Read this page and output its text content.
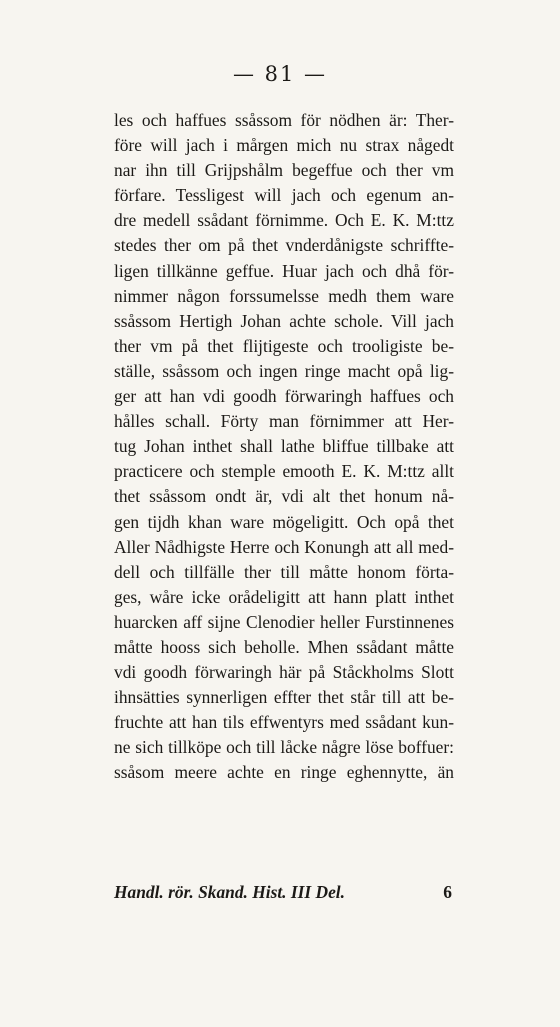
— 81 —
les och haffues ssåssom för nödhen är: Ther-
före will jach i mårgen mich nu strax någedt
nar ihn till Grijpshålm begeffue och ther vm
förfare. Tessligest will jach och egenum an-
dre medell ssådant förnimme. Och E. K. M:ttz
stedes ther om på thet vnderdånigste schriffte-
ligen tillkänne geffue. Huar jach och dhå för-
nimmer någon forssumelsse medh them ware
ssåssom Hertigh Johan achte schole. Vill jach
ther vm på thet flijtigeste och trooligiste be-
ställe, ssåssom och ingen ringe macht opå lig-
ger att han vdi goodh förwaringh haffues och
hålles schall. Förty man förnimmer att Her-
tug Johan inthet shall lathe bliffue tillbake att
practicere och stemple emooth E. K. M:ttz allt
thet ssåssom ondt är, vdi alt thet honum nå-
gen tijdh khan ware mögeligitt. Och opå thet
Aller Nådhigste Herre och Konungh att all med-
dell och tillfälle ther till måtte honom förta-
ges, wåre icke orådeligitt att hann platt inthet
huarcken aff sijne Clenodier heller Furstinnenes
måtte hooss sich beholle. Mhen ssådant måtte
vdi goodh förwaringh här på Ståckholms Slott
ihnsätties synnerligen effter thet står till att be-
fruchte att han tils effwentyrs med ssådant kun-
ne sich tillköpe och till låcke någre löse boffuer:
ssåsom meere achte en ringe eghennytte, än
Handl. rör. Skand. Hist. III Del.	6
